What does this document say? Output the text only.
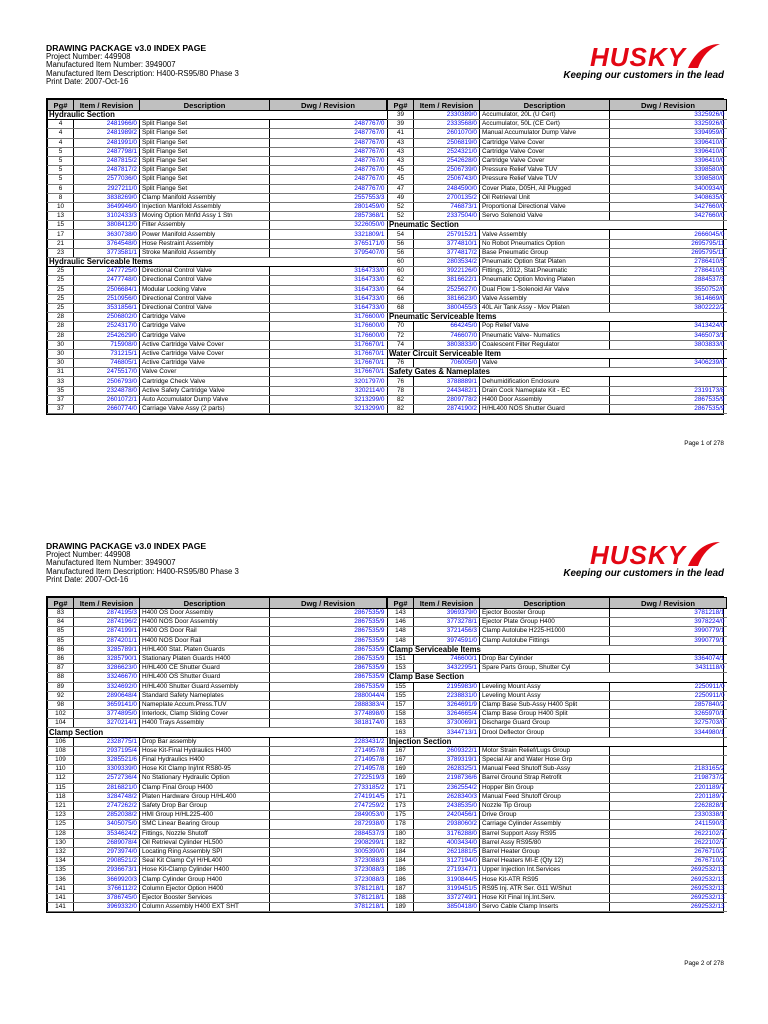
DRAWING PACKAGE v3.0 INDEX PAGE
Project Number: 449908
Manufactured Item Number: 3949007
Manufactured Item Description: H400-RS95/80 Phase 3
Print Date: 2007-Oct-16
HUSKY
Keeping our customers in the lead
Pg#	Item / Revision	Description	Dwg / Revision
Hydraulic Section			
4	2481966/0	Split Flange Set	2487767/0
4	2481989/2	Split Flange Set	2487767/0
4	2481991/0	Split Flange Set	2487767/0
5	2487798/1	Split Flange Set	2487767/0
5	2487815/2	Split Flange Set	2487767/0
5	2487817/2	Split Flange Set	2487767/0
5	2577036/0	Split Flange Set	2487767/0
6	2927211/0	Split Flange Set	2487767/0
8	3838269/0	Clamp Manifold Assembly	2557553/3
10	3649946/0	Injection Manifold Assembly	2801459/0
13	3102433/3	Moving Option Mnfld Assy 1 Stn	2857368/1
15	3808412/0	Filter Assembly	3226050/0
17	3630738/0	Power Manifold Assembly	3321809/1
21	3764548/0	Hose Restraint Assembly	3765171/0
23	3773581/1	Stroke Manifold Assembly	3795407/0
Hydraulic Serviceable Items			
25	2477725/0	Directional Control Valve	3164733/0
25	2477748/0	Directional Control Valve	3164733/0
25	2506684/1	Modular Locking Valve	3164733/0
25	2510956/0	Directional Control Valve	3164733/0
25	3531856/1	Directional Control Valve	3164733/0
28	2506802/0	Cartridge Valve	3176600/0
28	2524317/0	Cartridge Valve	3176600/0
28	2542629/0	Cartridge Valve	3176600/0
30	715908/0	Active Cartridge Valve Cover	3176670/1
30	731215/1	Active Cartridge Valve Cover	3176670/1
30	746805/1	Active Cartridge Valve	3176670/1
31	2475517/0	Valve Cover	3176670/1
33	2506793/0	Cartridge Check Valve	3201797/0
35	2324878/0	Active Safety Cartridge Valve	3202114/0
37	2601072/1	Auto Accumulator Dump Valve	3213299/0
37	2660774/0	Carriage Valve Assy (2 parts)	3213299/0
Pg#	Item / Revision	Description	Dwg / Revision
39	2330389/0	Accumulator, 20L (U Cert)	3325926/0
39	2333568/0	Accumulator, 50L (CE Cert)	3325926/0
41	2601070/0	Manual Accumulator Dump Valve	3394959/0
43	2506819/0	Cartridge Valve Cover	3396410/0
43	2524321/0	Cartridge Valve Cover	3396410/0
43	2542628/0	Cartridge Valve Cover	3396410/0
45	2506739/0	Pressure Relief Valve TUV	3398580/0
45	2506743/0	Pressure Relief Valve TUV	3398580/0
47	2484590/0	Cover Plate, D05H, All Plugged	3400934/0
49	2700135/2	Oil Retrieval Unit	3408635/0
52	746873/1	Proportional Directional Valve	3427660/0
52	2337504/0	Servo Solenoid Valve	3427660/0
Pneumatic Section			
54	2579152/1	Valve Assembly	2666045/0
56	3774810/1	No Robot Pneumatics Option	2695795/11
56	3774817/2	Base Pneumatic Group	2695795/11
60	2803534/2	Pneumatic Option Stat Platen	2786410/5
60	3922126/0	Fittings, 2012, Stat.Pneumatic	2786410/5
62	3816622/1	Pneumatic Option Moving Platen	2884537/3
64	2525627/0	Dual Flow 1-Solenoid Air Valve	3550752/0
66	3816623/0	Valve Assembly	3614669/0
68	3800455/3	40L Air Tank Assy - Mov Platen	3802222/2
Pneumatic Serviceable Items			
70	664245/0	Pop Relief Valve	3413424/0
72	746607/0	Pneumatic Valve- Numatics	3465073/1
74	3803833/0	Coalescent Filter Regulator	3803833/0
Water Circuit Serviceable Item			
76	706005/0	Valve	3406239/0
Safety Gates & Nameplates			
76	3788889/1	Dehumidification Enclosure	
78	2443482/1	Drain Cock Nameplate Kit - EC	2319173/8
82	2809778/2	H400 Door Assembly	2867535/9
82	2874190/2	H/HL400 NOS Shutter Guard	2867535/9
Page 1 of 278
DRAWING PACKAGE v3.0 INDEX PAGE
Project Number: 449908
Manufactured Item Number: 3949007
Manufactured Item Description: H400-RS95/80 Phase 3
Print Date: 2007-Oct-16
HUSKY
Keeping our customers in the lead
Pg#	Item / Revision	Description	Dwg / Revision
83	2874195/3	H400 OS Door Assembly	2867535/9
84	2874196/2	H400 NOS Door Assembly	2867535/9
85	2874199/1	H400 OS Door Rail	2867535/9
85	2874201/1	H400 NOS Door Rail	2867535/9
86	3285789/1	H/HL400 Stat. Platen Guards	2867535/9
86	3285790/1	Stationary Platen Guards H400	2867535/9
87	3286623/0	H/HL400 CE Shutter Guard	2867535/9
88	3324667/0	H/HL400 OS Shutter Guard	2867535/9
89	3324692/0	H/HL400 Shutter Guard Assembly	2867535/9
92	2890648/4	Standard Safety Nameplates	2880044/4
98	3659141/0	Nameplate Accum.Press.TUV	2888383/4
102	3774895/0	Interlock, Clamp Sliding Cover	3774898/0
104	3270214/1	H400 Trays Assembly	3818174/0
Clamp Section			
106	2328775/1	Drop Bar assembly	2283431/2
108	2937195/4	Hose Kit-Final Hydraulics H400	2714957/8
109	3285521/6	Final Hydraulics H400	2714957/8
110	3309339/0	Hose Kit Clamp Inj/Int RS80-95	2714957/8
112	2572736/4	No Stationary Hydraulic Option	2722519/3
115	2816821/0	Clamp Final Group H400	2733185/2
118	3284748/2	Platen Hardware Group H/HL400	2741914/5
121	2747262/2	Safety Drop Bar Group	2747259/2
123	2852038/2	HMI Group H/HL225-400	2849053/0
125	3405075/0	SMC Linear Bearing Group	2872938/0
128	3534624/2	Fittings, Nozzle Shutoff	2884537/3
130	2689078/4	Oil Retrieval Cylinder HL500	2908299/1
132	2973974/0	Locating Ring Assembly SPI	3005390/0
134	2908521/2	Seal Kit Clamp Cyl H/HL400	3723088/3
135	2936673/1	Hose Kit-Clamp Cylinder H400	3723088/3
136	3669920/3	Clamp Cylinder Group H400	3723088/3
141	3766112/2	Column Ejector Option H400	3781218/1
141	3786745/0	Ejector Booster Services	3781218/1
141	3969332/0	Column Assembly H400 EXT SHT	3781218/1
Pg#	Item / Revision	Description	Dwg / Revision
143	3969379/0	Ejector Booster Group	3781218/1
146	3773278/1	Ejector Plate Group H400	3978224/0
148	3721456/3	Clamp Autolube H225-H1000	3990779/1
148	3974591/0	Clamp Autolube Fittings	3990779/1
Clamp Serviceable Items			
151	746600/1	Drop Bar Cylinder	3364074/1
153	3432295/1	Spare Parts Group, Shutter Cyl	3431118/0
Clamp Base Section			
155	2195983/0	Leveling Mount Assy	2250911/0
155	2238831/0	Leveling Mount Assy	2250911/0
157	3264691/9	Clamp Base Sub-Assy H400 Split	2857840/2
158	3264665/4	Clamp Base Group H400 Split	3265970/1
163	3730069/1	Discharge Guard Group	3275703/0
163	3344713/1	Drool Deflector Group	3344980/1
Injection Section			
167	2609322/1	Motor Strain Relief/Lugs Group	
167	3789319/1	Special Air and Water Hose Grp	
169	2628325/1	Manual Feed Shutoff Sub-Assy	2183165/2
169	2198736/6	Barrel Ground Strap Retrofit	2198737/2
171	2362554/2	Hopper Bin Group	2201189/7
171	2628340/3	Manual Feed Shutoff Group	2201189/7
173	2438535/0	Nozzle Tip Group	2262828/1
175	2420456/1	Drive Group	2330338/1
178	2938060/2	Carriage Cylinder Assembly	2411590/3
180	3176288/0	Barrel Support Assy RS95	2622102/7
182	4003434/0	Barrel Assy RS95/80	2622102/7
184	2621881/5	Barrel Heater Group	2676710/2
184	3127194/0	Barrel Heaters MI-E (Qty 12)	2676710/2
186	2719347/1	Upper Injection Int.Services	2692532/13
186	3190844/5	Hose Kit-ATR RS95	2692532/13
187	3199451/5	RS95 Inj. ATR Ser. G11 W/Shut	2692532/13
188	3372749/1	Hose Kit Final Inj.Int.Serv.	2692532/13
189	3850418/0	Servo Cable Clamp Inserts	2692532/13
Page 2 of 278
